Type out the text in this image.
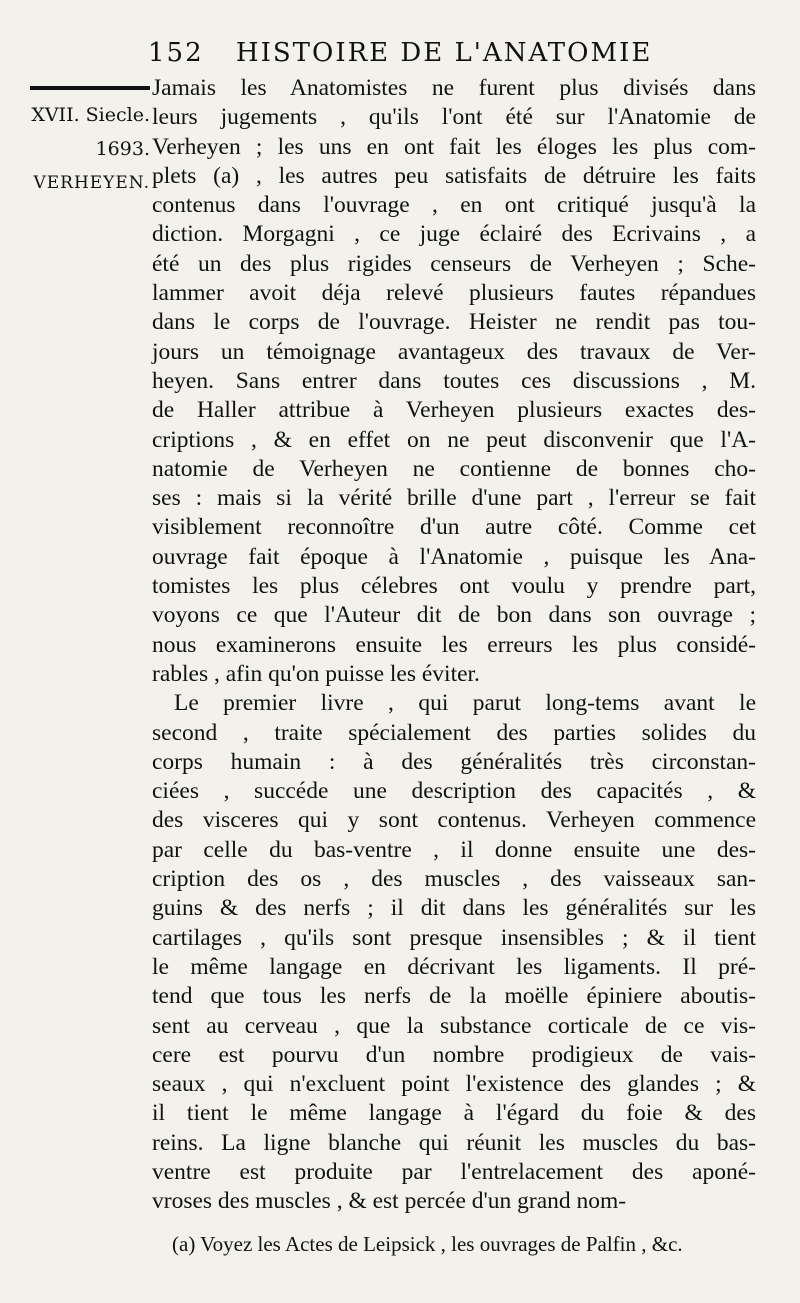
152 HISTOIRE DE L'ANATOMIE
XVII. Siecle.
1693.
VERHEYEN.
Jamais les Anatomistes ne furent plus divisés dans
leurs jugements , qu'ils l'ont été sur l'Anatomie de
Verheyen ; les uns en ont fait les éloges les plus com-
plets (a) , les autres peu satisfaits de détruire les faits
contenus dans l'ouvrage , en ont critiqué jusqu'à la
diction. Morgagni , ce juge éclairé des Ecrivains , a
été un des plus rigides censeurs de Verheyen ; Sche-
lammer avoit déja relevé plusieurs fautes répandues
dans le corps de l'ouvrage. Heister ne rendit pas tou-
jours un témoignage avantageux des travaux de Ver-
heyen. Sans entrer dans toutes ces discussions , M.
de Haller attribue à Verheyen plusieurs exactes des-
criptions , & en effet on ne peut disconvenir que l'A-
natomie de Verheyen ne contienne de bonnes cho-
ses : mais si la vérité brille d'une part , l'erreur se fait
visiblement reconnoître d'un autre côté. Comme cet
ouvrage fait époque à l'Anatomie , puisque les Ana-
tomistes les plus célebres ont voulu y prendre part,
voyons ce que l'Auteur dit de bon dans son ouvrage ;
nous examinerons ensuite les erreurs les plus considé-
rables , afin qu'on puisse les éviter.
Le premier livre , qui parut long-tems avant le
second , traite spécialement des parties solides du
corps humain : à des généralités très circonstan-
ciées , succéde une description des capacités , &
des visceres qui y sont contenus. Verheyen commence
par celle du bas-ventre , il donne ensuite une des-
cription des os , des muscles , des vaisseaux san-
guins & des nerfs ; il dit dans les généralités sur les
cartilages , qu'ils sont presque insensibles ; & il tient
le même langage en décrivant les ligaments. Il pré-
tend que tous les nerfs de la moëlle épiniere aboutis-
sent au cerveau , que la substance corticale de ce vis-
cere est pourvu d'un nombre prodigieux de vais-
seaux , qui n'excluent point l'existence des glandes ; &
il tient le même langage à l'égard du foie & des
reins. La ligne blanche qui réunit les muscles du bas-
ventre est produite par l'entrelacement des aponé-
vroses des muscles , & est percée d'un grand nom-
(a) Voyez les Actes de Leipsick , les ouvrages de Palfin , &c.
